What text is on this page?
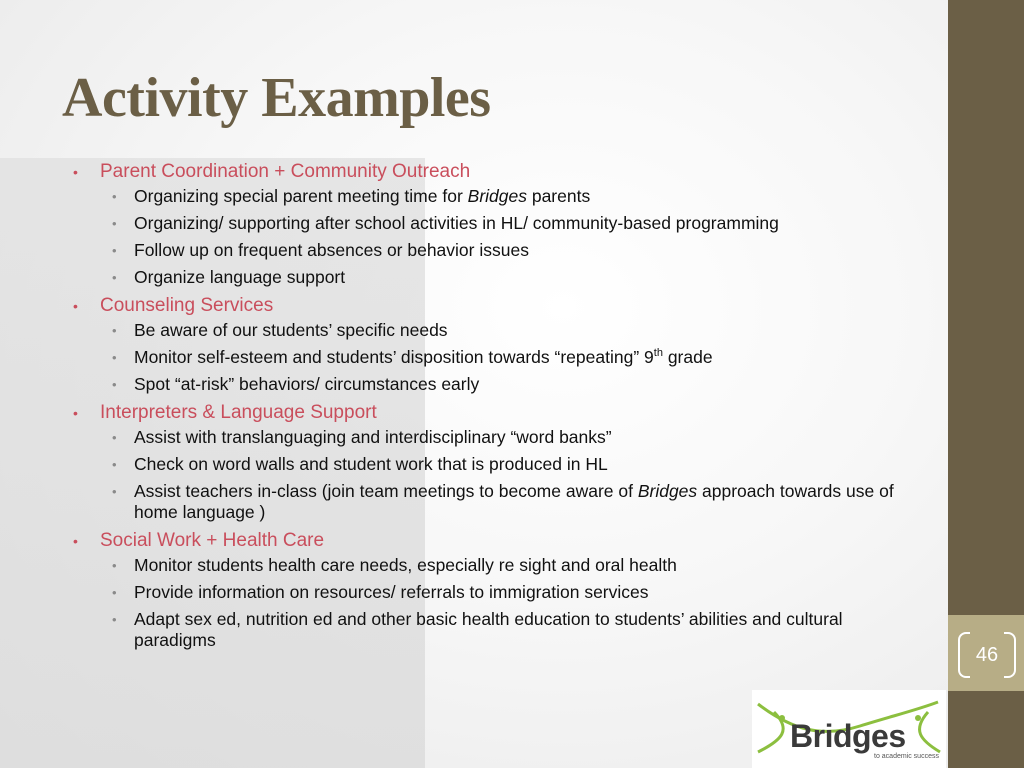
46
Activity Examples
• Parent Coordination + Community Outreach
• Organizing special parent meeting time for Bridges parents
• Organizing/ supporting after school activities in HL/ community-based programming
• Follow up on frequent absences or behavior issues
• Organize language support
• Counseling Services
• Be aware of our students’ specific needs
• Monitor self-esteem and students’ disposition towards “repeating” 9th grade
• Spot “at-risk” behaviors/ circumstances early
• Interpreters & Language Support
• Assist with translanguaging and interdisciplinary “word banks”
• Check on word walls and student work that is produced in HL
• Assist teachers in-class (join team meetings to become aware of Bridges approach towards use of home language )
• Social Work + Health Care
• Monitor students health care needs, especially re sight and oral health
• Provide information on resources/ referrals to immigration services
• Adapt sex ed, nutrition ed and other basic health education to students’ abilities and cultural paradigms
Bridges
to academic success
